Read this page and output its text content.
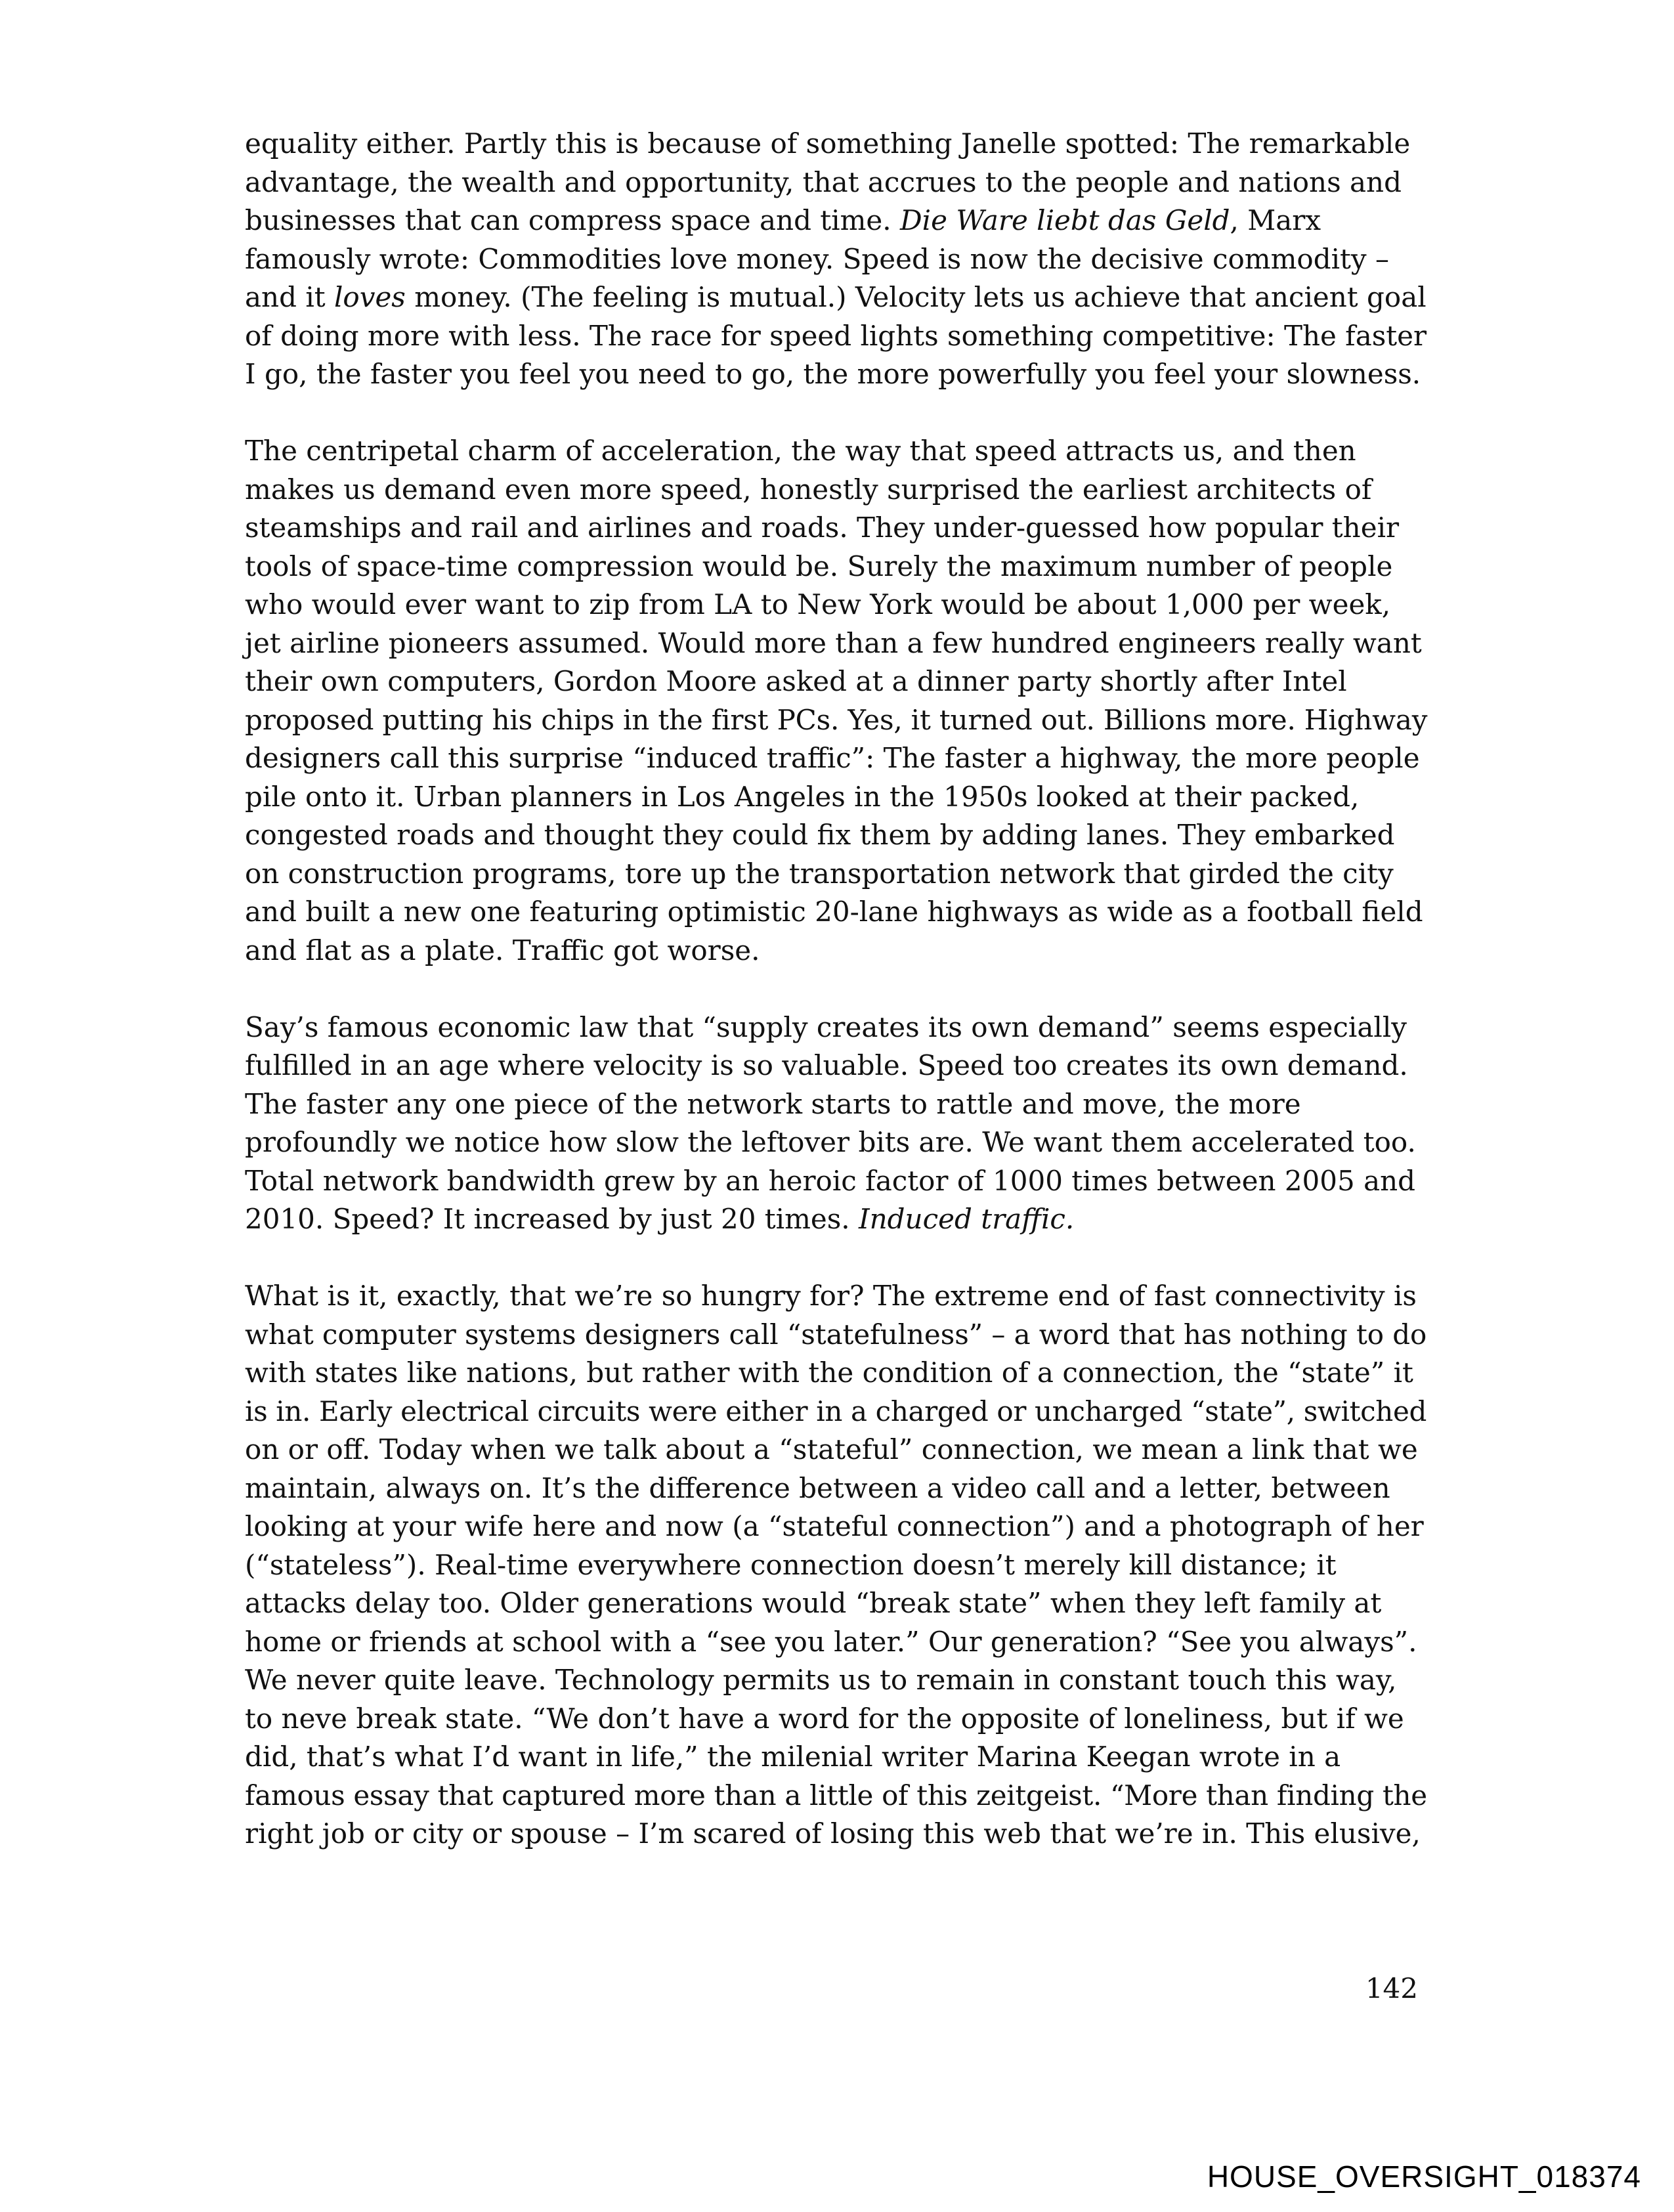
equality either. Partly this is because of something Janelle spotted: The remarkable
advantage, the wealth and opportunity, that accrues to the people and nations and
businesses that can compress space and time. Die Ware liebt das Geld, Marx
famously wrote: Commodities love money. Speed is now the decisive commodity –
and it loves money. (The feeling is mutual.) Velocity lets us achieve that ancient goal
of doing more with less. The race for speed lights something competitive: The faster
I go, the faster you feel you need to go, the more powerfully you feel your slowness.
The centripetal charm of acceleration, the way that speed attracts us, and then
makes us demand even more speed, honestly surprised the earliest architects of
steamships and rail and airlines and roads. They under-guessed how popular their
tools of space-time compression would be. Surely the maximum number of people
who would ever want to zip from LA to New York would be about 1,000 per week,
jet airline pioneers assumed. Would more than a few hundred engineers really want
their own computers, Gordon Moore asked at a dinner party shortly after Intel
proposed putting his chips in the first PCs. Yes, it turned out. Billions more. Highway
designers call this surprise “induced traffic”: The faster a highway, the more people
pile onto it. Urban planners in Los Angeles in the 1950s looked at their packed,
congested roads and thought they could fix them by adding lanes. They embarked
on construction programs, tore up the transportation network that girded the city
and built a new one featuring optimistic 20-lane highways as wide as a football field
and flat as a plate. Traffic got worse.
Say’s famous economic law that “supply creates its own demand” seems especially
fulfilled in an age where velocity is so valuable. Speed too creates its own demand.
The faster any one piece of the network starts to rattle and move, the more
profoundly we notice how slow the leftover bits are. We want them accelerated too.
Total network bandwidth grew by an heroic factor of 1000 times between 2005 and
2010. Speed? It increased by just 20 times. Induced traffic.
What is it, exactly, that we’re so hungry for? The extreme end of fast connectivity is
what computer systems designers call “statefulness” – a word that has nothing to do
with states like nations, but rather with the condition of a connection, the “state” it
is in. Early electrical circuits were either in a charged or uncharged “state”, switched
on or off. Today when we talk about a “stateful” connection, we mean a link that we
maintain, always on. It’s the difference between a video call and a letter, between
looking at your wife here and now (a “stateful connection”) and a photograph of her
(“stateless”). Real-time everywhere connection doesn’t merely kill distance; it
attacks delay too. Older generations would “break state” when they left family at
home or friends at school with a “see you later.” Our generation? “See you always”.
We never quite leave. Technology permits us to remain in constant touch this way,
to neve break state. “We don’t have a word for the opposite of loneliness, but if we
did, that’s what I’d want in life,” the milenial writer Marina Keegan wrote in a
famous essay that captured more than a little of this zeitgeist. “More than finding the
right job or city or spouse – I’m scared of losing this web that we’re in. This elusive,
142
HOUSE_OVERSIGHT_018374
